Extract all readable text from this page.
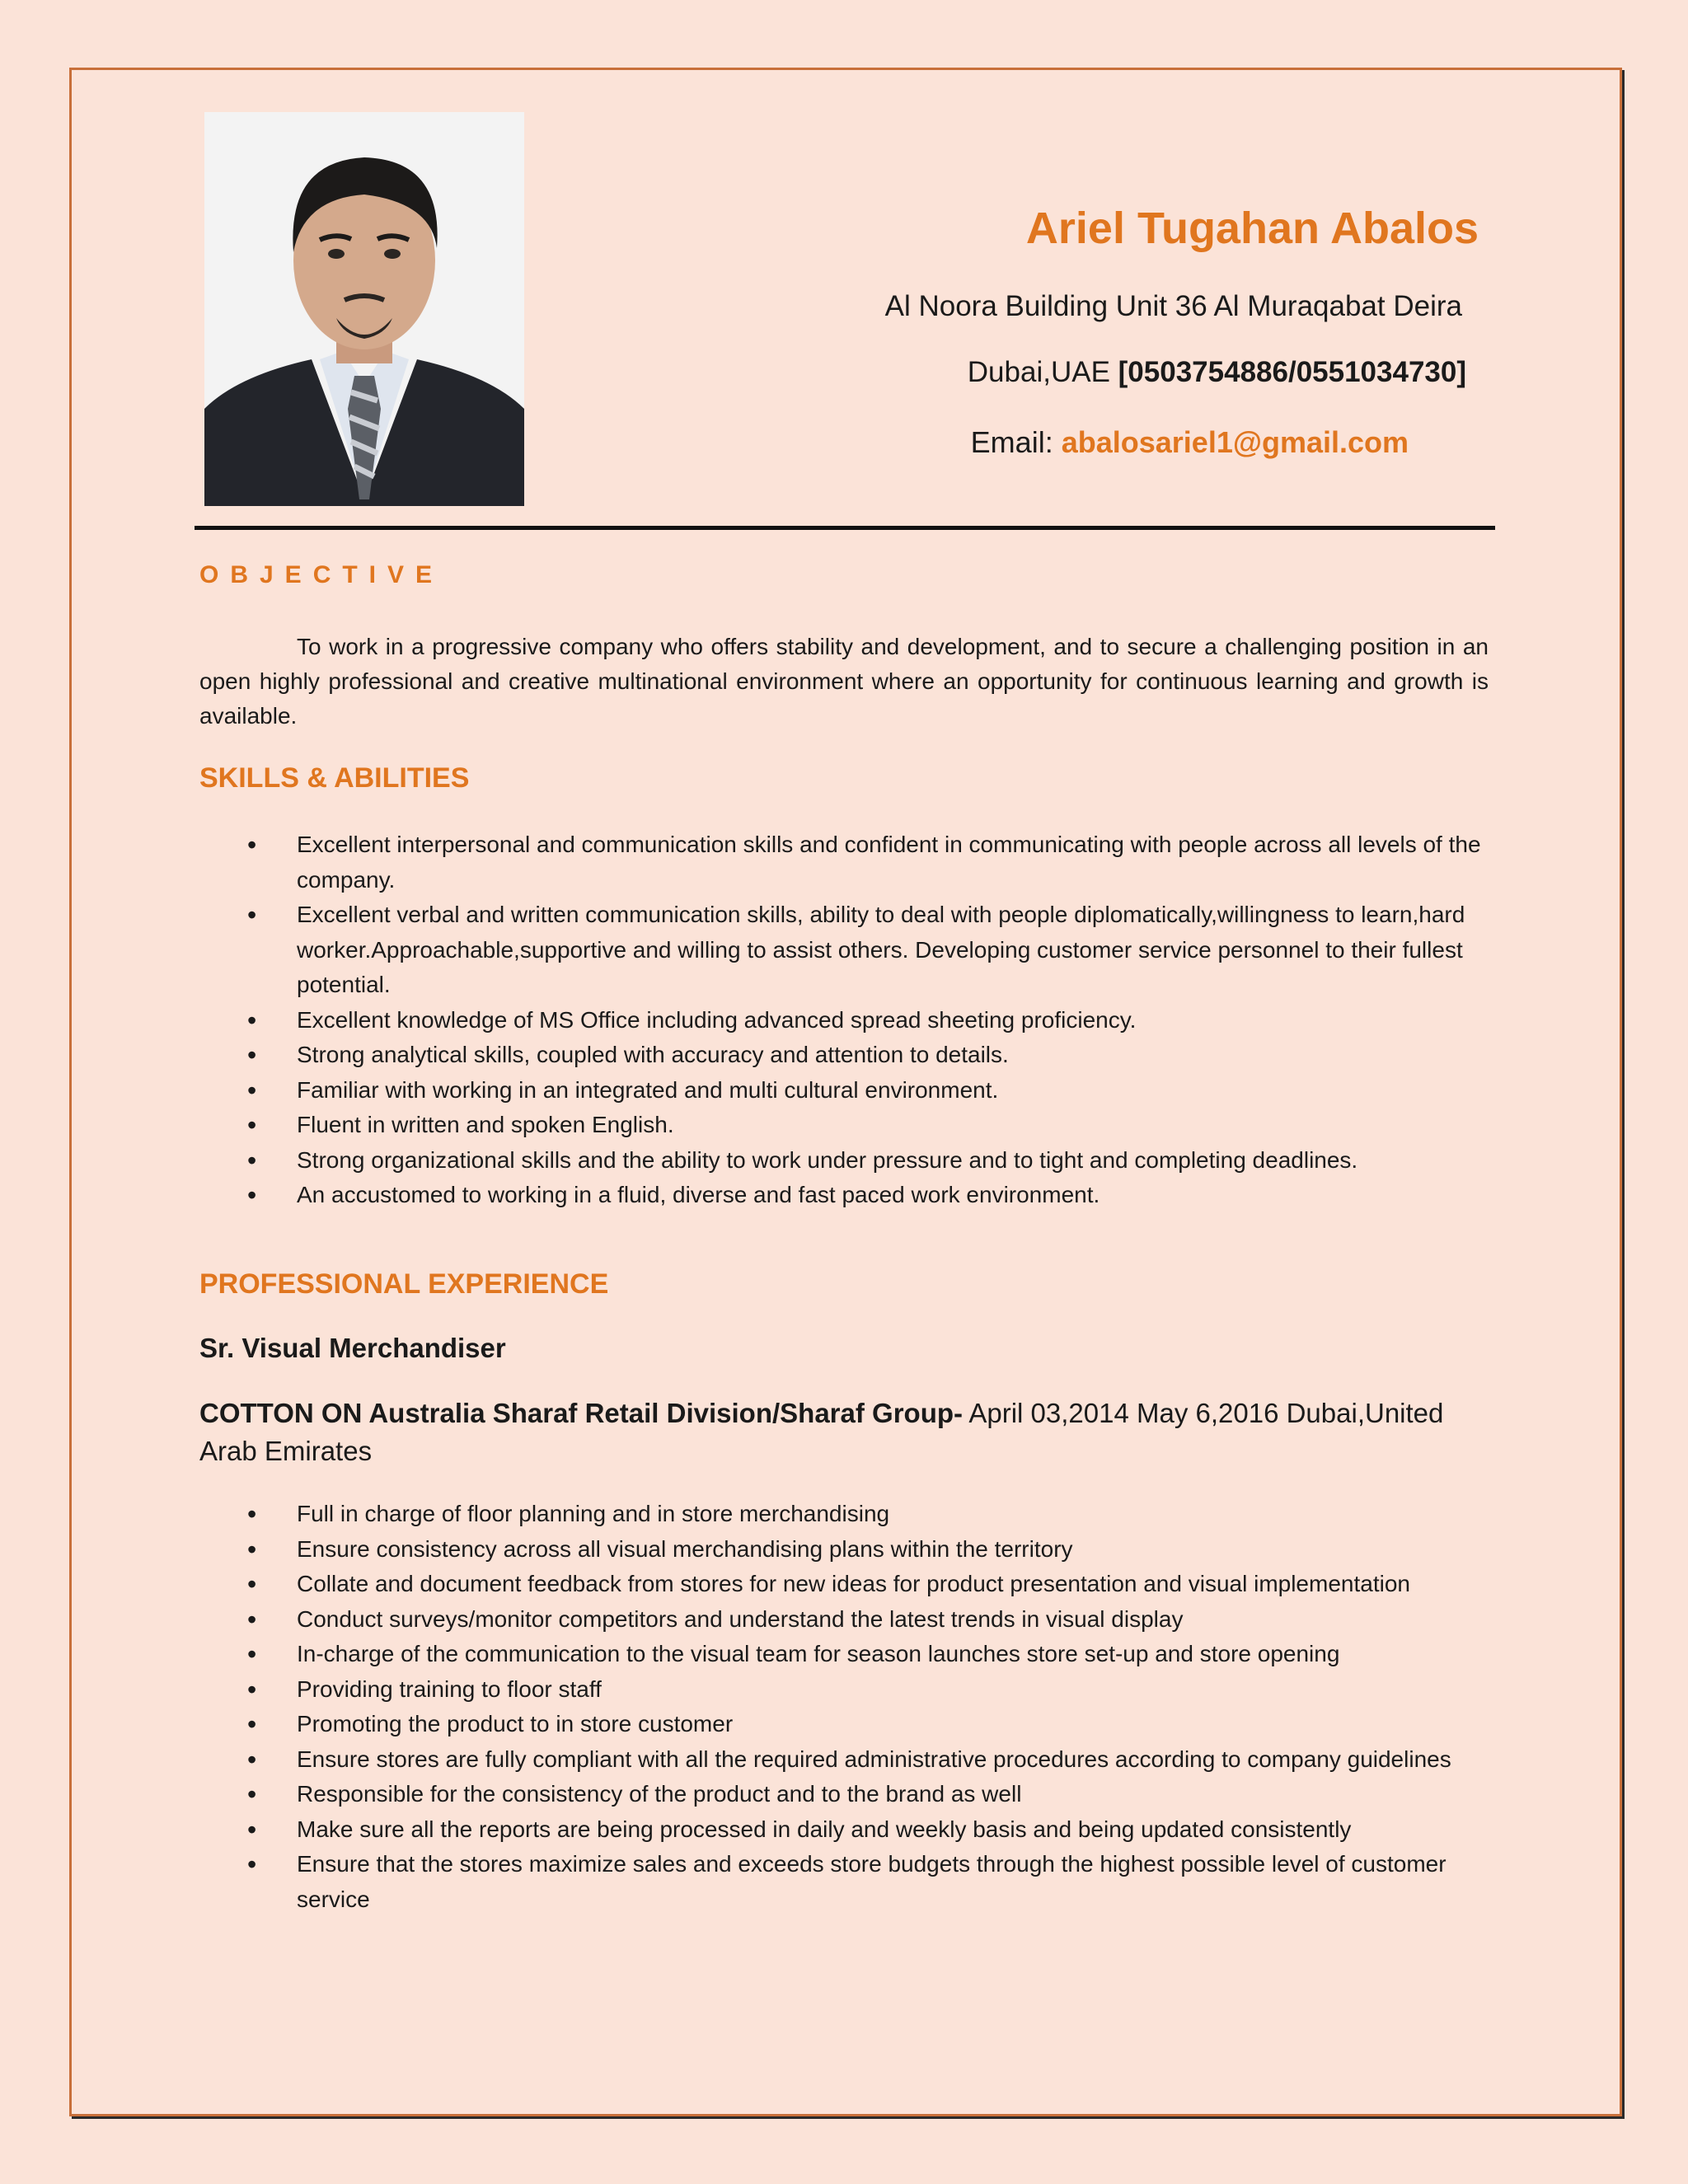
Ariel Tugahan Abalos
Al Noora Building Unit 36 Al Muraqabat Deira
Dubai,UAE [0503754886/0551034730]
Email: abalosariel1@gmail.com
OBJECTIVE
To work in a progressive company who offers stability and development, and to secure a challenging position in an open highly professional and creative multinational environment where an opportunity for continuous learning and growth is available.
SKILLS & ABILITIES
• Excellent interpersonal and communication skills and confident in communicating with people across all levels of the company.
• Excellent verbal and written communication skills, ability to deal with people diplomatically,willingness to learn,hard worker.Approachable,supportive and willing to assist others. Developing customer service personnel to their fullest potential.
• Excellent knowledge of MS Office including advanced spread sheeting proficiency.
• Strong analytical skills, coupled with accuracy and attention to details.
• Familiar with working in an integrated and multi cultural environment.
• Fluent in written and spoken English.
• Strong organizational skills and the ability to work under pressure and to tight and completing deadlines.
• An accustomed to working in a fluid, diverse and fast paced work environment.
PROFESSIONAL EXPERIENCE
Sr. Visual Merchandiser
COTTON ON Australia Sharaf Retail Division/Sharaf Group- April 03,2014 May 6,2016 Dubai,United Arab Emirates
• Full in charge of floor planning and in store merchandising
• Ensure consistency across all visual merchandising plans within the territory
• Collate and document feedback from stores for new ideas for product presentation and visual implementation
• Conduct surveys/monitor competitors and understand the latest trends in visual display
• In-charge of the communication to the visual team for season launches store set-up and store opening
• Providing training to floor staff
• Promoting the product to in store customer
• Ensure stores are fully compliant with all the required administrative procedures according to company guidelines
• Responsible for the consistency of the product and to the brand as well
• Make sure all the reports are being processed in daily and weekly basis and being updated consistently
• Ensure that the stores maximize sales and exceeds store budgets through the highest possible level of customer service
